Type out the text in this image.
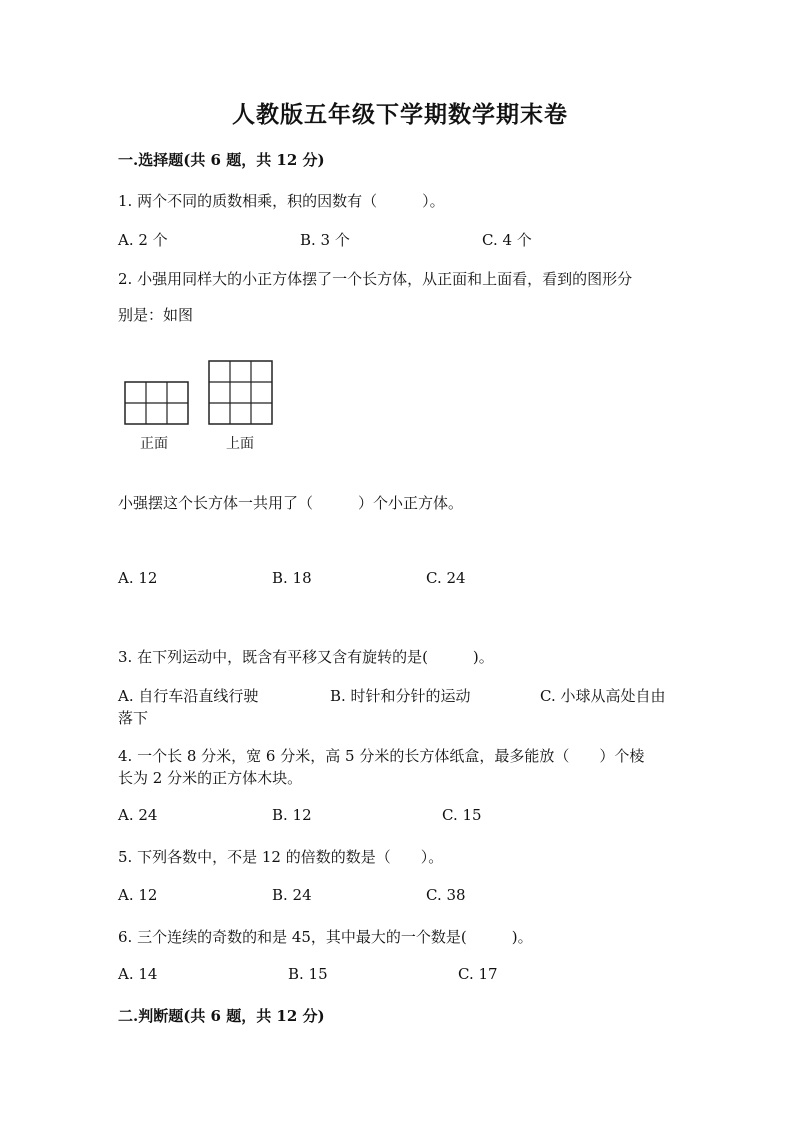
人教版五年级下学期数学期末卷
一.选择题(共 6 题，共 12 分)
1. 两个不同的质数相乘，积的因数有（　　　）。
A. 2 个	B. 3 个	C. 4 个
2. 小强用同样大的小正方体摆了一个长方体，从正面和上面看，看到的图形分
别是：如图
正面	上面
小强摆这个长方体一共用了（　　　）个小正方体。
A. 12	B. 18	C. 24
3. 在下列运动中，既含有平移又含有旋转的是(　　　)。
A. 自行车沿直线行驶	B. 时针和分针的运动	C. 小球从高处自由
落下
4. 一个长 8 分米，宽 6 分米，高 5 分米的长方体纸盒，最多能放（　　）个棱
长为 2 分米的正方体木块。
A. 24	B. 12	C. 15
5. 下列各数中，不是 12 的倍数的数是（　　）。
A. 12	B. 24	C. 38
6. 三个连续的奇数的和是 45，其中最大的一个数是(　　　)。
A. 14	B. 15	C. 17
二.判断题(共 6 题，共 12 分)
